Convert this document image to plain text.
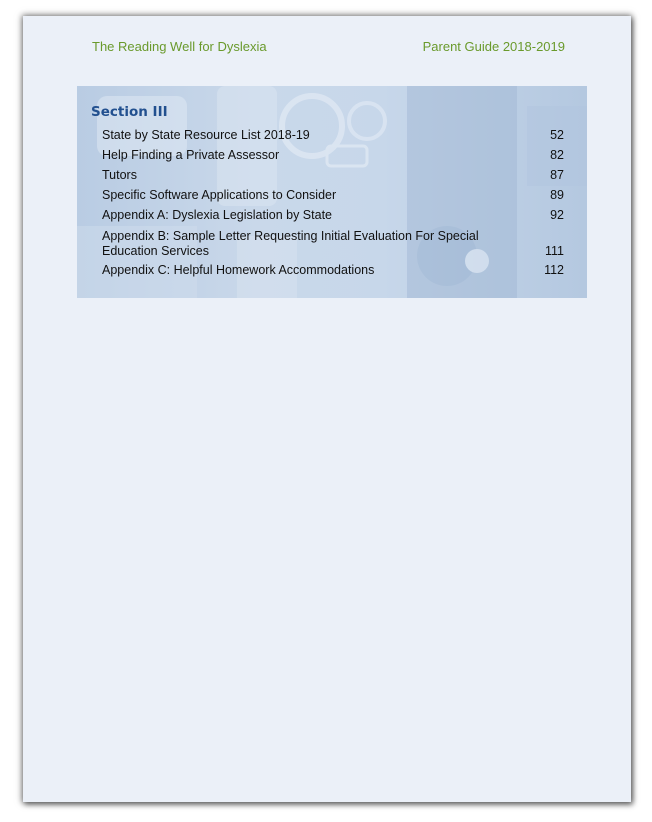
The Reading Well for Dyslexia	Parent Guide 2018-2019
Section III
State by State Resource List 2018-19	52
Help Finding a Private Assessor	82
Tutors	87
Specific Software Applications to Consider	89
Appendix A: Dyslexia Legislation by State	92
Appendix B: Sample Letter Requesting Initial Evaluation For Special Education Services	111
Appendix C: Helpful Homework Accommodations	112
